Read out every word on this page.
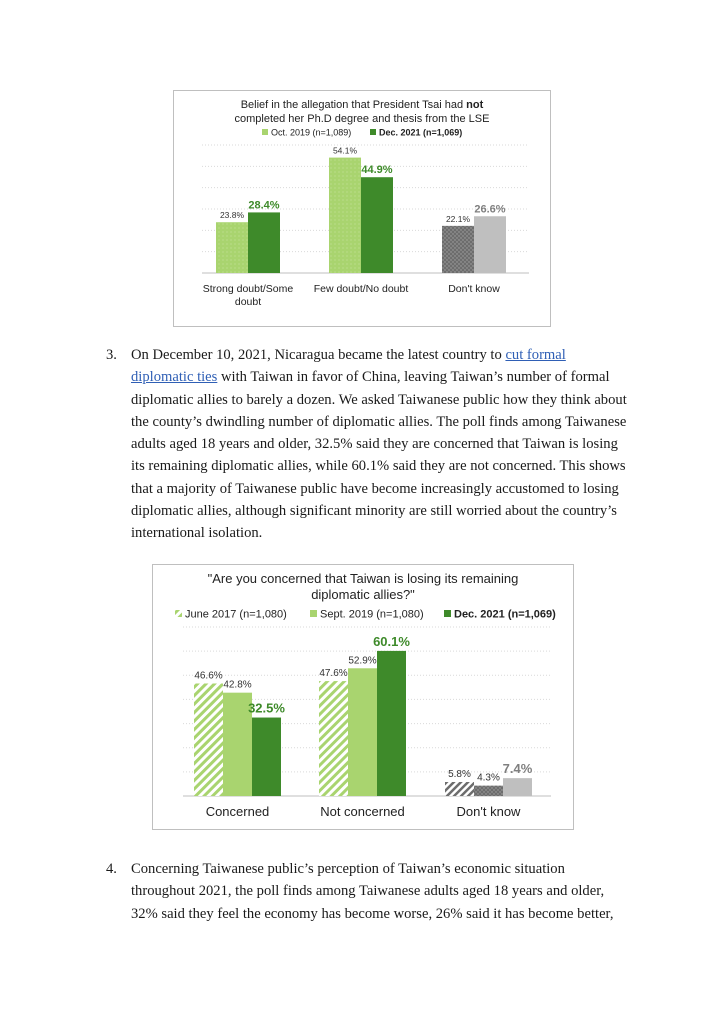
Belief in the allegation that President Tsai had not
completed her Ph.D degree and thesis from the LSE
Oct. 2019 (n=1,089)	Dec. 2021 (n=1,069)
23.8%
28.4%
54.1%
44.9%
22.1%
26.6%
Strong doubt/Some
doubt
Few doubt/No doubt	Don't know
3. On December 10, 2021, Nicaragua became the latest country to cut formal diplomatic ties with Taiwan in favor of China, leaving Taiwan’s number of formal diplomatic allies to barely a dozen. We asked Taiwanese public how they think about the county’s dwindling number of diplomatic allies. The poll finds among Taiwanese adults aged 18 years and older, 32.5% said they are concerned that Taiwan is losing its remaining diplomatic allies, while 60.1% said they are not concerned. This shows that a majority of Taiwanese public have become increasingly accustomed to losing diplomatic allies, although significant minority are still worried about the country’s international isolation.

"Are you concerned that Taiwan is losing its remaining
diplomatic allies?"
June 2017 (n=1,080)	Sept. 2019 (n=1,080)	Dec. 2021 (n=1,069)
46.6%
42.8%
32.5%
47.6%
52.9%
60.1%
5.8% 4.3%
7.4%
Concerned	Not concerned	Don't know
4. Concerning Taiwanese public’s perception of Taiwan’s economic situation throughout 2021, the poll finds among Taiwanese adults aged 18 years and older, 32% said they feel the economy has become worse, 26% said it has become better,
